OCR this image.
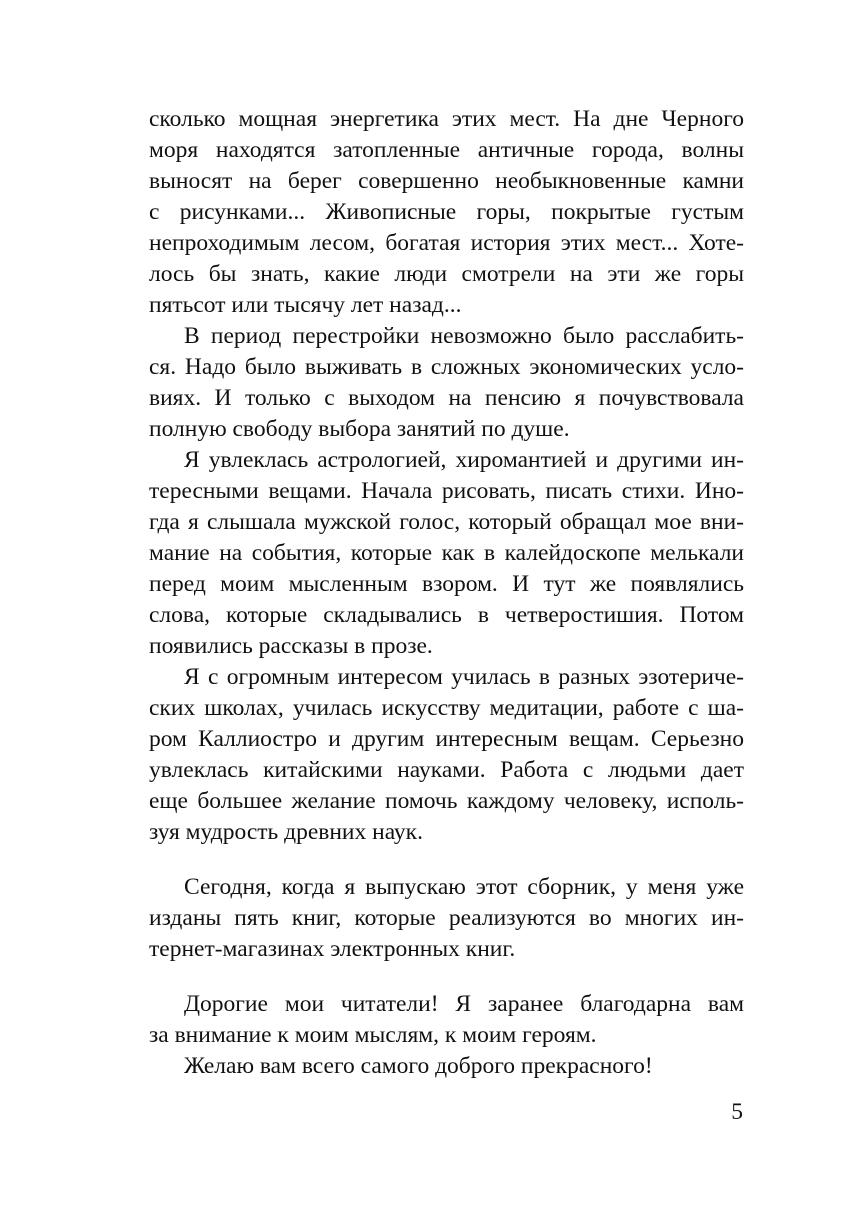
сколько мощная энергетика этих мест. На дне Черного
моря находятся затопленные античные города, волны
выносят на берег совершенно необыкновенные камни
с рисунками... Живописные горы, покрытые густым
непроходимым лесом, богатая история этих мест... Хоте-
лось бы знать, какие люди смотрели на эти же горы
пятьсот или тысячу лет назад...
В период перестройки невозможно было расслабить-
ся. Надо было выживать в сложных экономических усло-
виях. И только с выходом на пенсию я почувствовала
полную свободу выбора занятий по душе.
Я увлеклась астрологией, хиромантией и другими ин-
тересными вещами. Начала рисовать, писать стихи. Ино-
гда я слышала мужской голос, который обращал мое вни-
мание на события, которые как в калейдоскопе мелькали
перед моим мысленным взором. И тут же появлялись
слова, которые складывались в четверостишия. Потом
появились рассказы в прозе.
Я с огромным интересом училась в разных эзотериче-
ских школах, училась искусству медитации, работе с ша-
ром Каллиостро и другим интересным вещам. Серьезно
увлеклась китайскими науками. Работа с людьми дает
еще большее желание помочь каждому человеку, исполь-
зуя мудрость древних наук.
Сегодня, когда я выпускаю этот сборник, у меня уже
изданы пять книг, которые реализуются во многих ин-
тернет-магазинах электронных книг.
Дорогие мои читатели! Я заранее благодарна вам
за внимание к моим мыслям, к моим героям.
Желаю вам всего самого доброго прекрасного!
5
